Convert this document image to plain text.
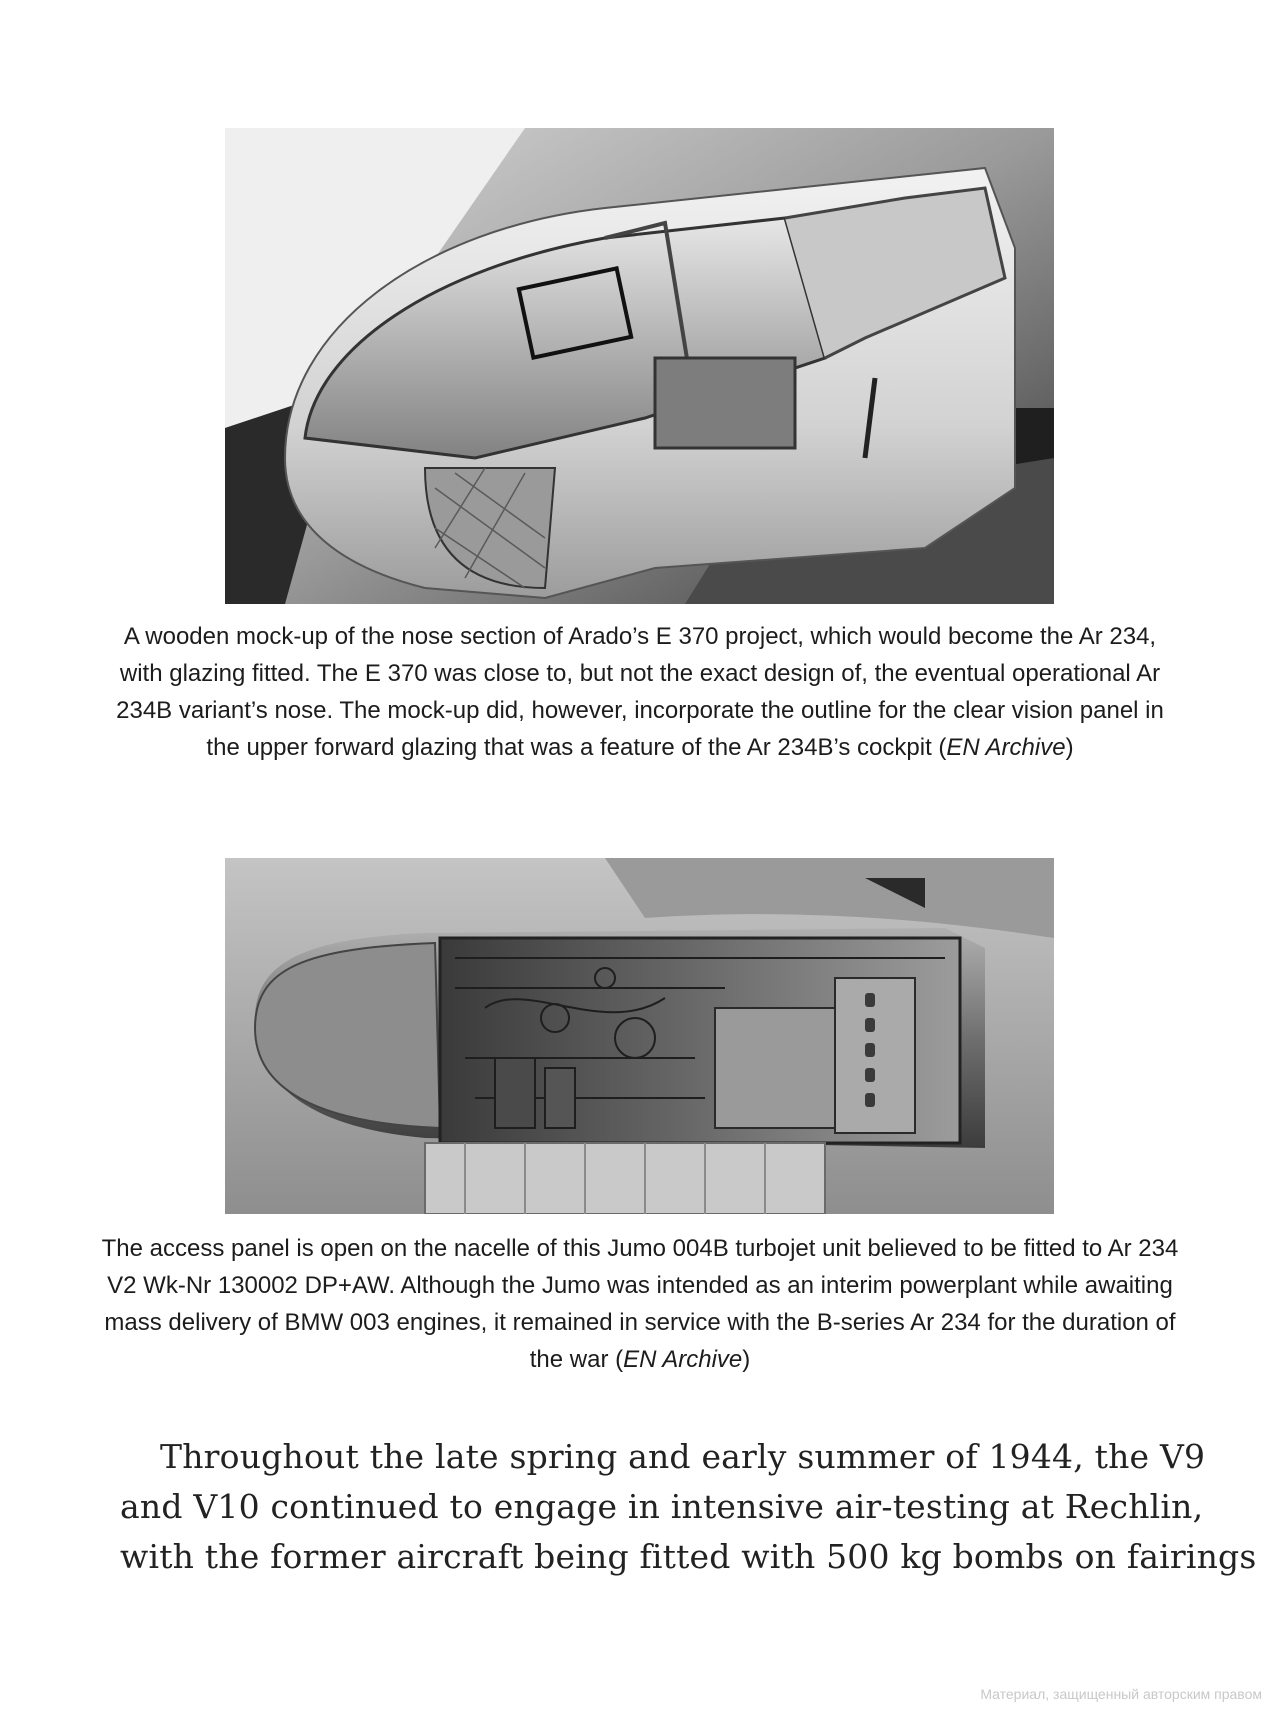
A wooden mock-up of the nose section of Arado’s E 370 project, which would become the Ar 234, with glazing fitted. The E 370 was close to, but not the exact design of, the eventual operational Ar 234B variant’s nose. The mock-up did, however, incorporate the outline for the clear vision panel in the upper forward glazing that was a feature of the Ar 234B’s cockpit (EN Archive)
The access panel is open on the nacelle of this Jumo 004B turbojet unit believed to be fitted to Ar 234 V2 Wk-Nr 130002 DP+AW. Although the Jumo was intended as an interim powerplant while awaiting mass delivery of BMW 003 engines, it remained in service with the B-series Ar 234 for the duration of the war (EN Archive)
Throughout the late spring and early summer of 1944, the V9
and V10 continued to engage in intensive air-testing at Rechlin,
with the former aircraft being fitted with 500 kg bombs on fairings
Материал, защищенный авторским правом
